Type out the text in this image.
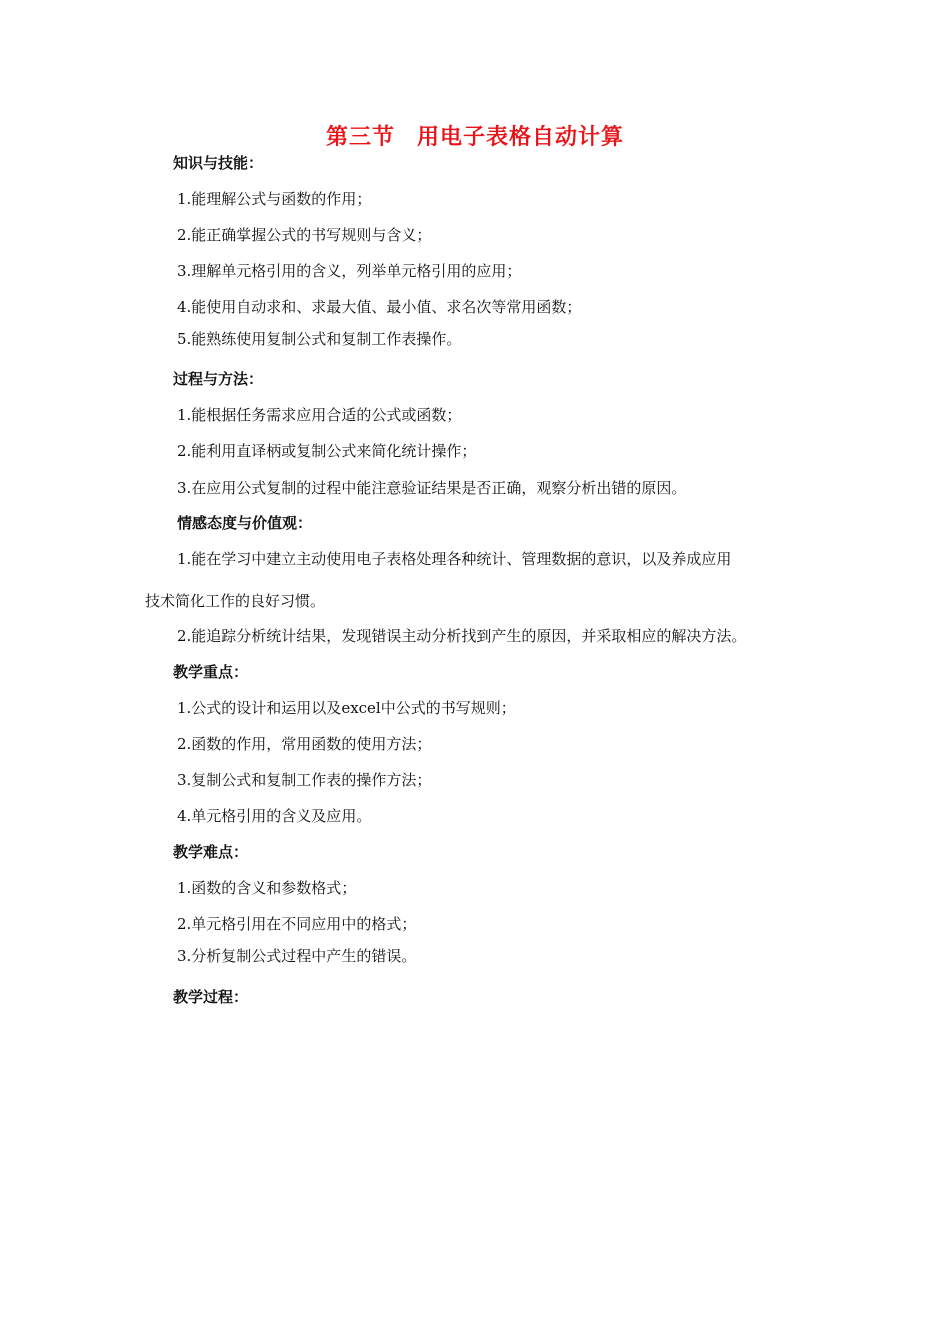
第三节 用电子表格自动计算
知识与技能：
1.能理解公式与函数的作用；
2.能正确掌握公式的书写规则与含义；
3.理解单元格引用的含义，列举单元格引用的应用；
4.能使用自动求和、求最大值、最小值、求名次等常用函数；
5.能熟练使用复制公式和复制工作表操作。
过程与方法：
1.能根据任务需求应用合适的公式或函数；
2.能利用直译柄或复制公式来简化统计操作；
3.在应用公式复制的过程中能注意验证结果是否正确，观察分析出错的原因。
情感态度与价值观：
1.能在学习中建立主动使用电子表格处理各种统计、管理数据的意识，以及养成应用
技术简化工作的良好习惯。
2.能追踪分析统计结果，发现错误主动分析找到产生的原因，并采取相应的解决方法。
教学重点：
1.公式的设计和运用以及excel中公式的书写规则；
2.函数的作用，常用函数的使用方法；
3.复制公式和复制工作表的操作方法；
4.单元格引用的含义及应用。
教学难点：
1.函数的含义和参数格式；
2.单元格引用在不同应用中的格式；
3.分析复制公式过程中产生的错误。
教学过程：
